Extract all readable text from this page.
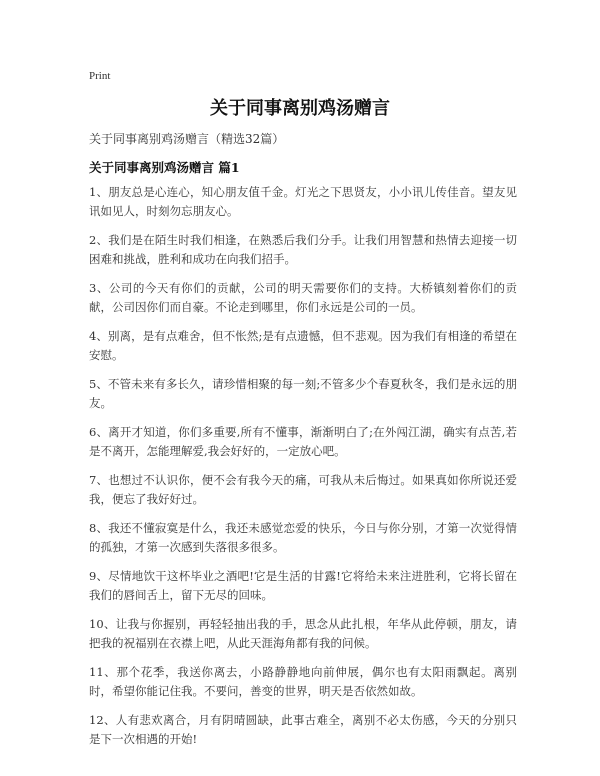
Print
关于同事离别鸡汤赠言
关于同事离别鸡汤赠言（精选32篇）
关于同事离别鸡汤赠言 篇1

1、朋友总是心连心，知心朋友值千金。灯光之下思贤友，小小讯儿传佳音。望友见讯如见人，时刻勿忘朋友心。

2、我们是在陌生时我们相逢，在熟悉后我们分手。让我们用智慧和热情去迎接一切困难和挑战，胜利和成功在向我们招手。

3、公司的今天有你们的贡献，公司的明天需要你们的支持。大桥镇刻着你们的贡献，公司因你们而自豪。不论走到哪里，你们永远是公司的一员。

4、别离，是有点难舍，但不怅然;是有点遗憾，但不悲观。因为我们有相逢的希望在安慰。

5、不管未来有多长久，请珍惜相聚的每一刻;不管多少个春夏秋冬，我们是永远的朋友。

6、离开才知道，你们多重要,所有不懂事，渐渐明白了;在外闯江湖，确实有点苦,若是不离开，怎能理解爱,我会好好的，一定放心吧。

7、也想过不认识你，便不会有我今天的痛，可我从未后悔过。如果真如你所说还爱我，便忘了我好好过。

8、我还不懂寂寞是什么，我还未感觉恋爱的快乐，今日与你分别，才第一次觉得情的孤独，才第一次感到失落很多很多。

9、尽情地饮干这杯毕业之酒吧!它是生活的甘露!它将给未来注进胜利，它将长留在我们的唇间舌上，留下无尽的回味。

10、让我与你握别，再轻轻抽出我的手，思念从此扎根，年华从此停顿，朋友，请把我的祝福别在衣襟上吧，从此天涯海角都有我的问候。

11、那个花季，我送你离去，小路静静地向前伸展，偶尔也有太阳雨飘起。离别时，希望你能记住我。不要问，善变的世界，明天是否依然如故。

12、人有悲欢离合，月有阴晴圆缺，此事古难全，离别不必太伤感，今天的分别只是下一次相遇的开始!
